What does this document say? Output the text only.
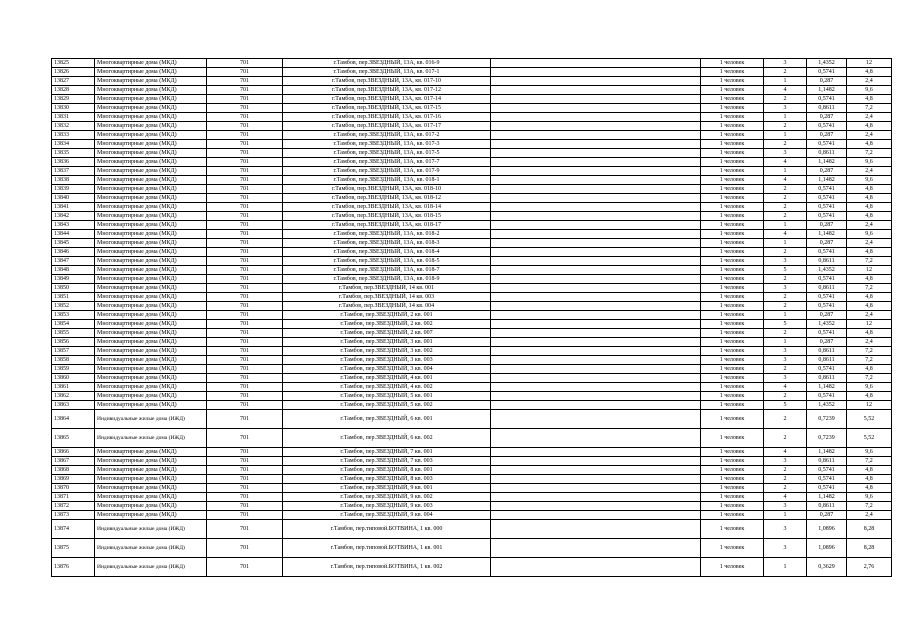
13825	Многоквартирные дома (МКД)	701	г.Тамбов, пер.ЗВЕЗДНЫЙ, 13А, кв. 016-9		1 человек	3	1,4352	12
13826	Многоквартирные дома (МКД)	701	г.Тамбов, пер.ЗВЕЗДНЫЙ, 13А, кв. 017-1		1 человек	2	0,5741	4,8
13827	Многоквартирные дома (МКД)	701	г.Тамбов, пер.ЗВЕЗДНЫЙ, 13А, кв. 017-10		1 человек	1	0,287	2,4
13828	Многоквартирные дома (МКД)	701	г.Тамбов, пер.ЗВЕЗДНЫЙ, 13А, кв. 017-12		1 человек	4	1,1482	9,6
13829	Многоквартирные дома (МКД)	701	г.Тамбов, пер.ЗВЕЗДНЫЙ, 13А, кв. 017-14		1 человек	2	0,5741	4,8
13830	Многоквартирные дома (МКД)	701	г.Тамбов, пер.ЗВЕЗДНЫЙ, 13А, кв. 017-15		1 человек	3	0,8611	7,2
13831	Многоквартирные дома (МКД)	701	г.Тамбов, пер.ЗВЕЗДНЫЙ, 13А, кв. 017-16		1 человек	1	0,287	2,4
13832	Многоквартирные дома (МКД)	701	г.Тамбов, пер.ЗВЕЗДНЫЙ, 13А, кв. 017-17		1 человек	2	0,5741	4,8
13833	Многоквартирные дома (МКД)	701	г.Тамбов, пер.ЗВЕЗДНЫЙ, 13А, кв. 017-2		1 человек	1	0,287	2,4
13834	Многоквартирные дома (МКД)	701	г.Тамбов, пер.ЗВЕЗДНЫЙ, 13А, кв. 017-3		1 человек	2	0,5741	4,8
13835	Многоквартирные дома (МКД)	701	г.Тамбов, пер.ЗВЕЗДНЫЙ, 13А, кв. 017-5		1 человек	3	0,8611	7,2
13836	Многоквартирные дома (МКД)	701	г.Тамбов, пер.ЗВЕЗДНЫЙ, 13А, кв. 017-7		1 человек	4	1,1482	9,6
13837	Многоквартирные дома (МКД)	701	г.Тамбов, пер.ЗВЕЗДНЫЙ, 13А, кв. 017-9		1 человек	1	0,287	2,4
13838	Многоквартирные дома (МКД)	701	г.Тамбов, пер.ЗВЕЗДНЫЙ, 13А, кв. 018-1		1 человек	4	1,1482	9,6
13839	Многоквартирные дома (МКД)	701	г.Тамбов, пер.ЗВЕЗДНЫЙ, 13А, кв. 018-10		1 человек	2	0,5741	4,8
13840	Многоквартирные дома (МКД)	701	г.Тамбов, пер.ЗВЕЗДНЫЙ, 13А, кв. 018-12		1 человек	2	0,5741	4,8
13841	Многоквартирные дома (МКД)	701	г.Тамбов, пер.ЗВЕЗДНЫЙ, 13А, кв. 018-14		1 человек	2	0,5741	4,8
13842	Многоквартирные дома (МКД)	701	г.Тамбов, пер.ЗВЕЗДНЫЙ, 13А, кв. 018-15		1 человек	2	0,5741	4,8
13843	Многоквартирные дома (МКД)	701	г.Тамбов, пер.ЗВЕЗДНЫЙ, 13А, кв. 018-17		1 человек	1	0,287	2,4
13844	Многоквартирные дома (МКД)	701	г.Тамбов, пер.ЗВЕЗДНЫЙ, 13А, кв. 018-2		1 человек	4	1,1482	9,6
13845	Многоквартирные дома (МКД)	701	г.Тамбов, пер.ЗВЕЗДНЫЙ, 13А, кв. 018-3		1 человек	1	0,287	2,4
13846	Многоквартирные дома (МКД)	701	г.Тамбов, пер.ЗВЕЗДНЫЙ, 13А, кв. 018-4		1 человек	2	0,5741	4,8
13847	Многоквартирные дома (МКД)	701	г.Тамбов, пер.ЗВЕЗДНЫЙ, 13А, кв. 018-5		1 человек	3	0,8611	7,2
13848	Многоквартирные дома (МКД)	701	г.Тамбов, пер.ЗВЕЗДНЫЙ, 13А, кв. 018-7		1 человек	5	1,4352	12
13849	Многоквартирные дома (МКД)	701	г.Тамбов, пер.ЗВЕЗДНЫЙ, 13А, кв. 018-9		1 человек	2	0,5741	4,8
13850	Многоквартирные дома (МКД)	701	г.Тамбов, пер.ЗВЕЗДНЫЙ, 14 кв. 001		1 человек	3	0,8611	7,2
13851	Многоквартирные дома (МКД)	701	г.Тамбов, пер.ЗВЕЗДНЫЙ, 14 кв. 003		1 человек	2	0,5741	4,8
13852	Многоквартирные дома (МКД)	701	г.Тамбов, пер.ЗВЕЗДНЫЙ, 14 кв. 004		1 человек	2	0,5741	4,8
13853	Многоквартирные дома (МКД)	701	г.Тамбов, пер.ЗВЕЗДНЫЙ, 2 кв. 001		1 человек	1	0,287	2,4
13854	Многоквартирные дома (МКД)	701	г.Тамбов, пер.ЗВЕЗДНЫЙ, 2 кв. 002		1 человек	5	1,4352	12
13855	Многоквартирные дома (МКД)	701	г.Тамбов, пер.ЗВЕЗДНЫЙ, 2 кв. 007		1 человек	2	0,5741	4,8
13856	Многоквартирные дома (МКД)	701	г.Тамбов, пер.ЗВЕЗДНЫЙ, 3 кв. 001		1 человек	1	0,287	2,4
13857	Многоквартирные дома (МКД)	701	г.Тамбов, пер.ЗВЕЗДНЫЙ, 3 кв. 002		1 человек	3	0,8611	7,2
13858	Многоквартирные дома (МКД)	701	г.Тамбов, пер.ЗВЕЗДНЫЙ, 3 кв. 003		1 человек	3	0,8611	7,2
13859	Многоквартирные дома (МКД)	701	г.Тамбов, пер.ЗВЕЗДНЫЙ, 3 кв. 004		1 человек	2	0,5741	4,8
13860	Многоквартирные дома (МКД)	701	г.Тамбов, пер.ЗВЕЗДНЫЙ, 4 кв. 001		1 человек	3	0,8611	7,2
13861	Многоквартирные дома (МКД)	701	г.Тамбов, пер.ЗВЕЗДНЫЙ, 4 кв. 002		1 человек	4	1,1482	9,6
13862	Многоквартирные дома (МКД)	701	г.Тамбов, пер.ЗВЕЗДНЫЙ, 5 кв. 001		1 человек	2	0,5741	4,8
13863	Многоквартирные дома (МКД)	701	г.Тамбов, пер.ЗВЕЗДНЫЙ, 5 кв. 002		1 человек	5	1,4352	12
13864	Индивидуальные жилые дома (ИЖД)	701	г.Тамбов, пер.ЗВЕЗДНЫЙ, 6 кв. 001		1 человек	2	0,7239	5,52
13865	Индивидуальные жилые дома (ИЖД)	701	г.Тамбов, пер.ЗВЕЗДНЫЙ, 6 кв. 002		1 человек	2	0,7239	5,52
13866	Многоквартирные дома (МКД)	701	г.Тамбов, пер.ЗВЕЗДНЫЙ, 7 кв. 001		1 человек	4	1,1482	9,6
13867	Многоквартирные дома (МКД)	701	г.Тамбов, пер.ЗВЕЗДНЫЙ, 7 кв. 003		1 человек	3	0,8611	7,2
13868	Многоквартирные дома (МКД)	701	г.Тамбов, пер.ЗВЕЗДНЫЙ, 8 кв. 001		1 человек	2	0,5741	4,8
13869	Многоквартирные дома (МКД)	701	г.Тамбов, пер.ЗВЕЗДНЫЙ, 8 кв. 003		1 человек	2	0,5741	4,8
13870	Многоквартирные дома (МКД)	701	г.Тамбов, пер.ЗВЕЗДНЫЙ, 9 кв. 001		1 человек	2	0,5741	4,8
13871	Многоквартирные дома (МКД)	701	г.Тамбов, пер.ЗВЕЗДНЫЙ, 9 кв. 002		1 человек	4	1,1482	9,6
13872	Многоквартирные дома (МКД)	701	г.Тамбов, пер.ЗВЕЗДНЫЙ, 9 кв. 003		1 человек	3	0,8611	7,2
13873	Многоквартирные дома (МКД)	701	г.Тамбов, пер.ЗВЕЗДНЫЙ, 9 кв. 004		1 человек	1	0,287	2,4
13874	Индивидуальные жилые дома (ИЖД)	701	г.Тамбов, пер.типовой.БОТВИНА, 1 кв. 000		1 человек	3	1,0896	8,28
13875	Индивидуальные жилые дома (ИЖД)	701	г.Тамбов, пер.типовой.БОТВИНА, 1 кв. 001		1 человек	3	1,0896	8,28
13876	Индивидуальные жилые дома (ИЖД)	701	г.Тамбов, пер.типовой.БОТВИНА, 1 кв. 002		1 человек	1	0,3629	2,76
